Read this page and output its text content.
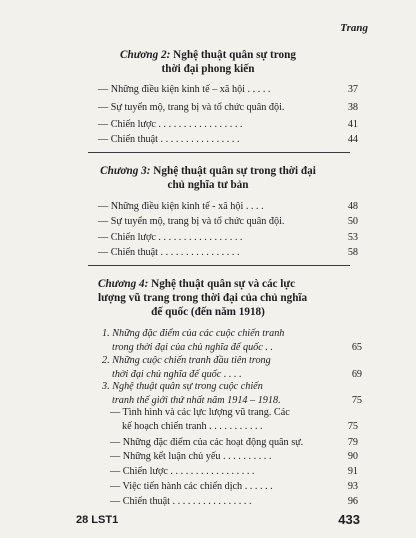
Trang
Chương 2: Nghệ thuật quân sự trong
thời đại phong kiến
— Những điều kiện kinh tế – xã hội . . . . .	37
— Sự tuyển mộ, trang bị và tổ chức quân đội.	38
— Chiến lược . . . . . . . . . . . . . . . . .	41
— Chiến thuật . . . . . . . . . . . . . . . .	44
Chương 3: Nghệ thuật quân sự trong thời đại
chủ nghĩa tư bản
— Những điều kiện kinh tế - xã hội . . . .	48
— Sự tuyển mộ, trang bị và tổ chức quân đội.	50
— Chiến lược . . . . . . . . . . . . . . . . .	53
— Chiến thuật . . . . . . . . . . . . . . . .	58
Chương 4: Nghệ thuật quân sự và các lực
lượng vũ trang trong thời đại của chủ nghĩa
đế quốc (đến năm 1918)
1. Những đặc điểm của các cuộc chiến tranh
trong thời đại của chủ nghĩa đế quốc . .	65
2. Những cuộc chiến tranh đầu tiên trong
thời đại chủ nghĩa đế quốc . . . .	69
3. Nghệ thuật quân sự trong cuộc chiến
tranh thế giới thứ nhất năm 1914 – 1918.	75
— Tình hình và các lực lượng vũ trang. Các
kế hoạch chiến tranh . . . . . . . . . . .	75
— Những đặc điểm của các hoạt động quân sự.	79
— Những kết luận chủ yếu . . . . . . . . . .	90
— Chiến lược . . . . . . . . . . . . . . . . .	91
— Việc tiến hành các chiến dịch . . . . . .	93
— Chiến thuật . . . . . . . . . . . . . . . .	96
28 LST1	433
